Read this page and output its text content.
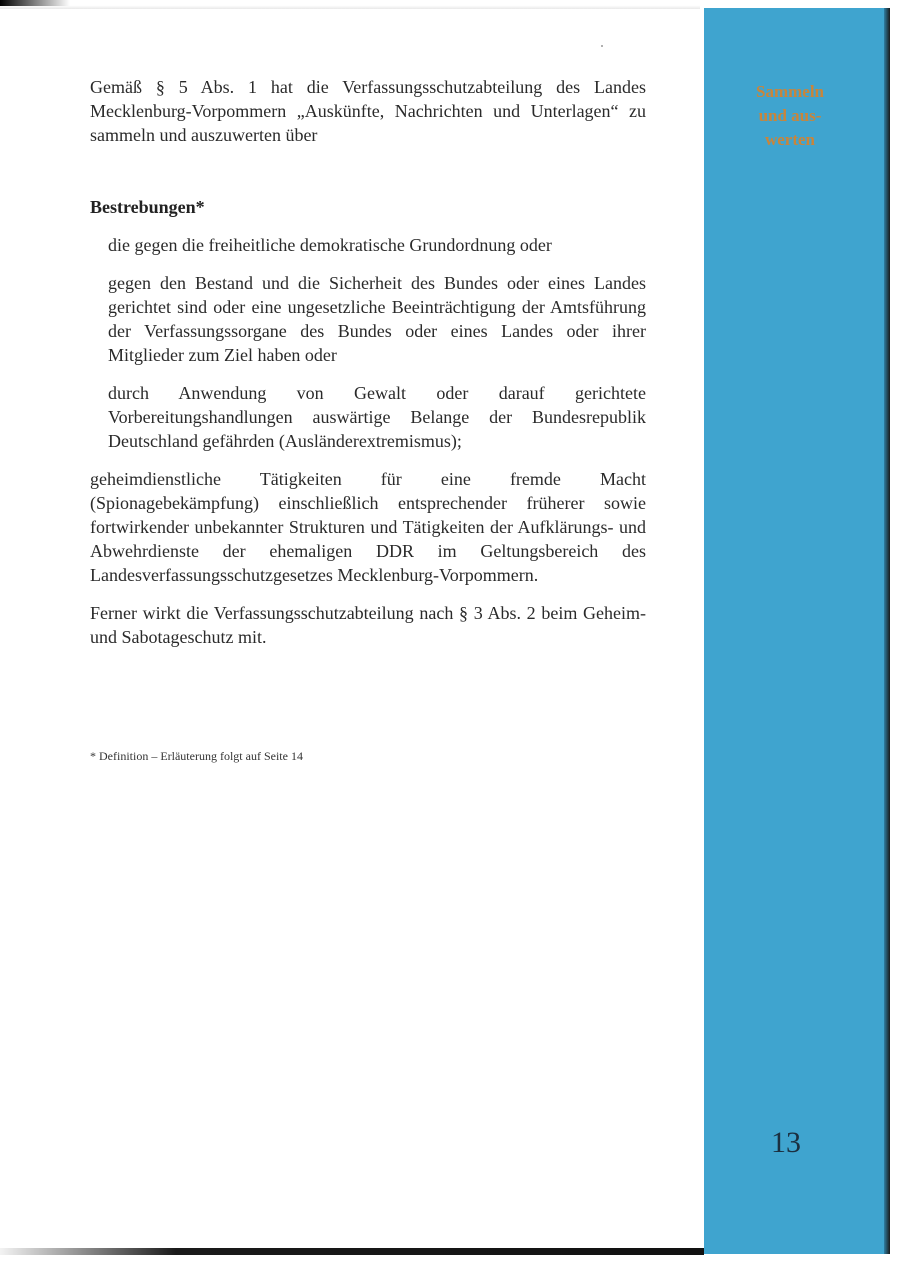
Gemäß § 5 Abs. 1 hat die Verfassungsschutzabteilung des Landes Mecklenburg-Vorpommern „Auskünfte, Nachrichten und Unterlagen“ zu sammeln und auszuwerten über

Bestrebungen*

die gegen die freiheitliche demokratische Grundordnung oder

gegen den Bestand und die Sicherheit des Bundes oder eines Landes gerichtet sind oder eine ungesetzliche Beeinträchtigung der Amtsführung der Verfassungssorgane des Bundes oder eines Landes oder ihrer Mitglieder zum Ziel haben oder

durch Anwendung von Gewalt oder darauf gerichtete Vorbereitungshandlungen auswärtige Belange der Bundesrepublik Deutschland gefährden (Ausländerextremismus);

geheimdienstliche Tätigkeiten für eine fremde Macht (Spionagebekämpfung) einschließlich entsprechender früherer sowie fortwirkender unbekannter Strukturen und Tätigkeiten der Aufklärungs- und Abwehrdienste der ehemaligen DDR im Geltungsbereich des Landesverfassungsschutzgesetzes Mecklenburg-Vorpommern.

Ferner wirkt die Verfassungsschutzabteilung nach § 3 Abs. 2 beim Geheim- und Sabotageschutz mit.

* Definition – Erläuterung folgt auf Seite 14

Sammeln
und aus-
werten

13
